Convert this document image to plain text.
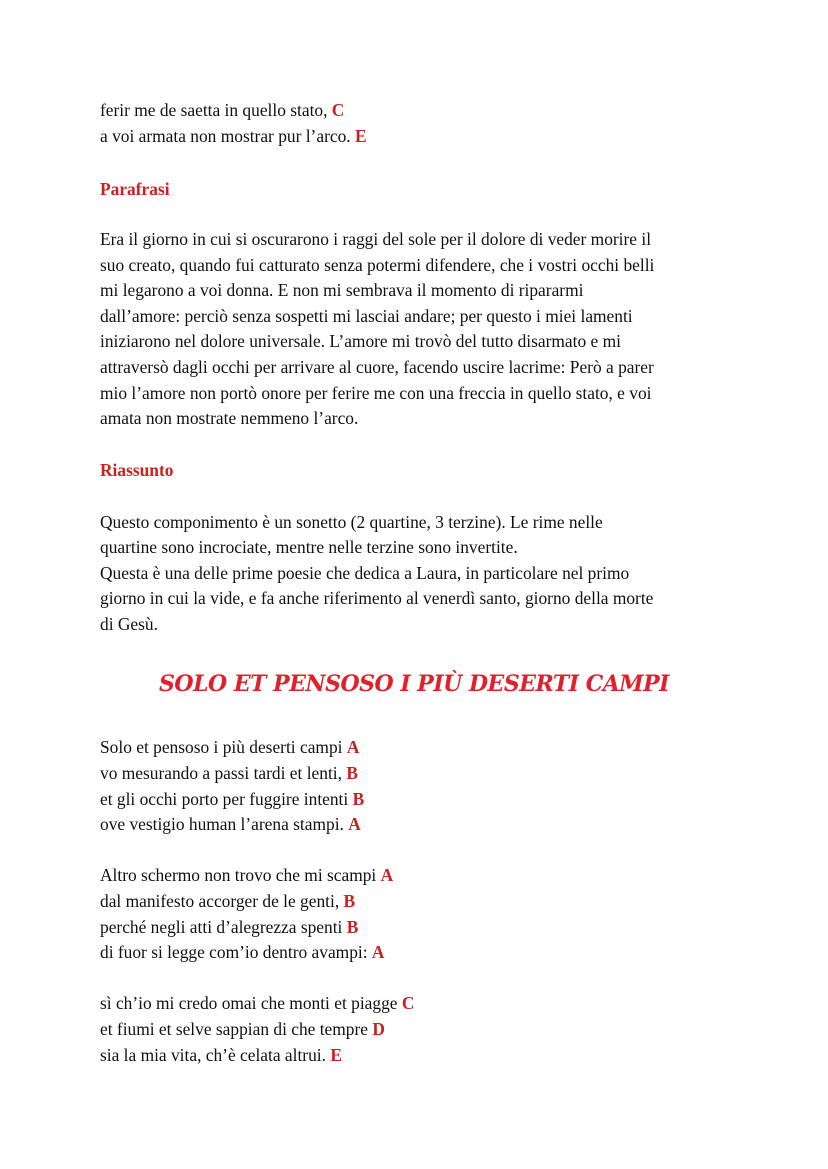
ferir me de saetta in quello stato, C
a voi armata non mostrar pur l’arco. E
Parafrasi
Era il giorno in cui si oscurarono i raggi del sole per il dolore di veder morire il
suo creato, quando fui catturato senza potermi difendere, che i vostri occhi belli
mi legarono a voi donna. E non mi sembrava il momento di ripararmi
dall’amore: perciò senza sospetti mi lasciai andare; per questo i miei lamenti
iniziarono nel dolore universale. L’amore mi trovò del tutto disarmato e mi
attraversò dagli occhi per arrivare al cuore, facendo uscire lacrime: Però a parer
mio l’amore non portò onore per ferire me con una freccia in quello stato, e voi
amata non mostrate nemmeno l’arco.
Riassunto
Questo componimento è un sonetto (2 quartine, 3 terzine). Le rime nelle
quartine sono incrociate, mentre nelle terzine sono invertite.
Questa è una delle prime poesie che dedica a Laura, in particolare nel primo
giorno in cui la vide, e fa anche riferimento al venerdì santo, giorno della morte
di Gesù.
SOLO ET PENSOSO I PIÙ DESERTI CAMPI
Solo et pensoso i più deserti campi A
vo mesurando a passi tardi et lenti, B
et gli occhi porto per fuggire intenti B
ove vestigio human l’arena stampi. A
Altro schermo non trovo che mi scampi A
dal manifesto accorger de le genti, B
perché negli atti d’alegrezza spenti B
di fuor si legge com’io dentro avampi: A
sì ch’io mi credo omai che monti et piagge C
et fiumi et selve sappian di che tempre D
sia la mia vita, ch’è celata altrui. E
